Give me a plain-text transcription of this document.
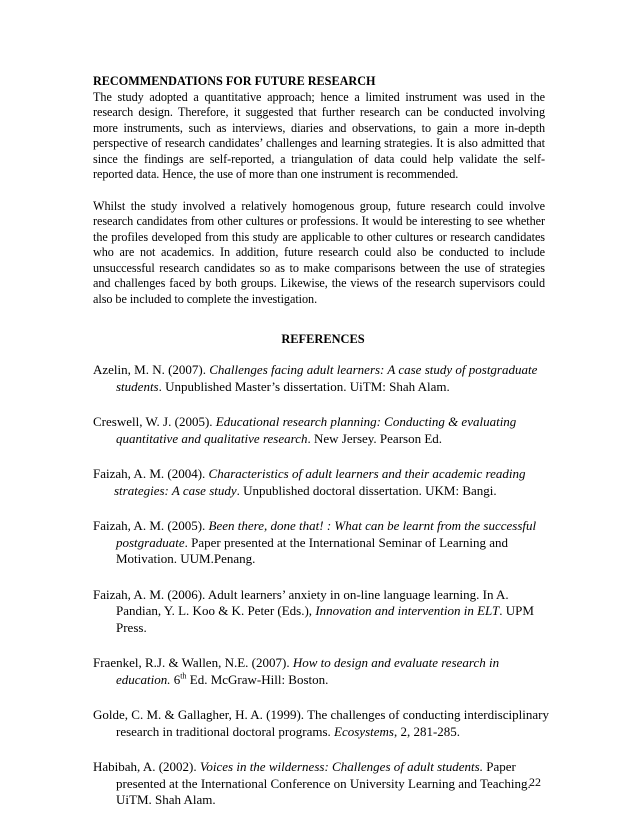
RECOMMENDATIONS FOR FUTURE RESEARCH

The study adopted a quantitative approach; hence a limited instrument was used in the research design. Therefore, it suggested that further research can be conducted involving more instruments, such as interviews, diaries and observations, to gain a more in-depth perspective of research candidates’ challenges and learning strategies. It is also admitted that since the findings are self-reported, a triangulation of data could help validate the self-reported data. Hence, the use of more than one instrument is recommended.

Whilst the study involved a relatively homogenous group, future research could involve research candidates from other cultures or professions. It would be interesting to see whether the profiles developed from this study are applicable to other cultures or research candidates who are not academics. In addition, future research could also be conducted to include unsuccessful research candidates so as to make comparisons between the use of strategies and challenges faced by both groups. Likewise, the views of the research supervisors could also be included to complete the investigation.

REFERENCES

Azelin, M. N. (2007). Challenges facing adult learners: A case study of postgraduate students. Unpublished Master’s dissertation. UiTM: Shah Alam.

Creswell, W. J. (2005). Educational research planning: Conducting & evaluating quantitative and qualitative research. New Jersey. Pearson Ed.

Faizah, A. M. (2004). Characteristics of adult learners and their academic reading strategies: A case study. Unpublished doctoral dissertation. UKM: Bangi.

Faizah, A. M. (2005). Been there, done that! : What can be learnt from the successful postgraduate. Paper presented at the International Seminar of Learning and Motivation. UUM.Penang.

Faizah, A. M. (2006). Adult learners’ anxiety in on-line language learning. In A. Pandian, Y. L. Koo & K. Peter (Eds.), Innovation and intervention in ELT. UPM Press.

Fraenkel, R.J. & Wallen, N.E. (2007). How to design and evaluate research in education. 6th Ed. McGraw-Hill: Boston.

Golde, C. M. & Gallagher, H. A. (1999). The challenges of conducting interdisciplinary research in traditional doctoral programs. Ecosystems, 2, 281-285.

Habibah, A. (2002). Voices in the wilderness: Challenges of adult students. Paper presented at the International Conference on University Learning and Teaching. UiTM. Shah Alam.

22
